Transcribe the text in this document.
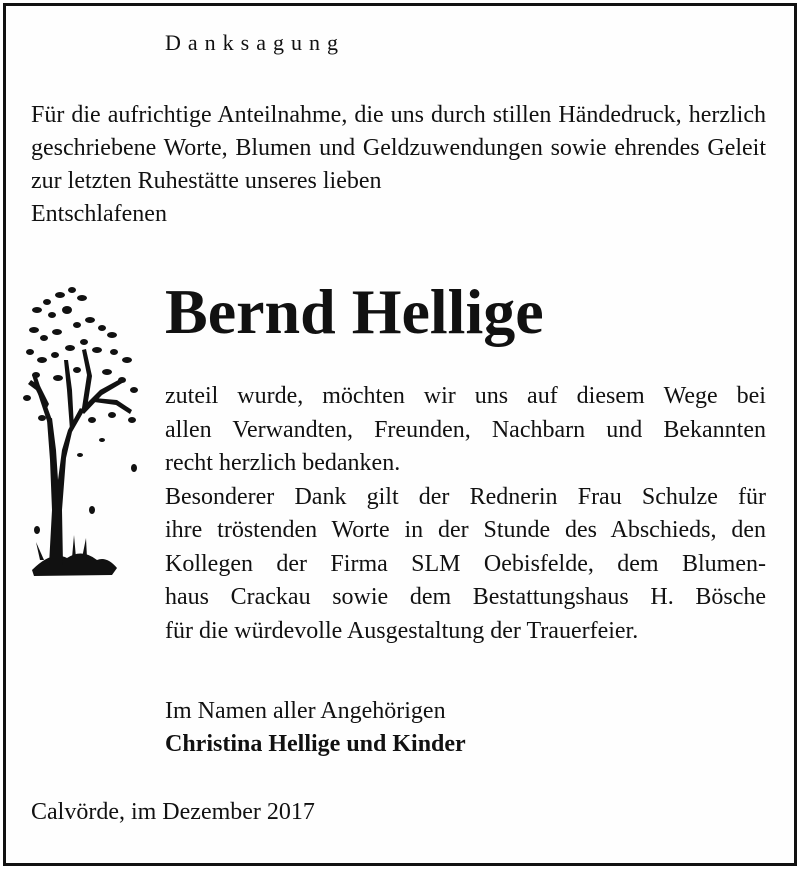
Danksagung
Für die aufrichtige Anteilnahme, die uns durch stillen Händedruck, herzlich geschriebene Worte, Blumen und Geldzuwendungen sowie ehrendes Geleit zur letzten Ruhestätte unseres lieben
Entschlafenen
Bernd Hellige
zuteil wurde, möchten wir uns auf diesem Wege bei
allen Verwandten, Freunden, Nachbarn und Bekannten
recht herzlich bedanken.
Besonderer Dank gilt der Rednerin Frau Schulze für
ihre tröstenden Worte in der Stunde des Abschieds, den
Kollegen der Firma SLM Oebisfelde, dem Blumen-
haus Crackau sowie dem Bestattungshaus H. Bösche
für die würdevolle Ausgestaltung der Trauerfeier.
Im Namen aller Angehörigen
Christina Hellige und Kinder
Calvörde, im Dezember 2017
